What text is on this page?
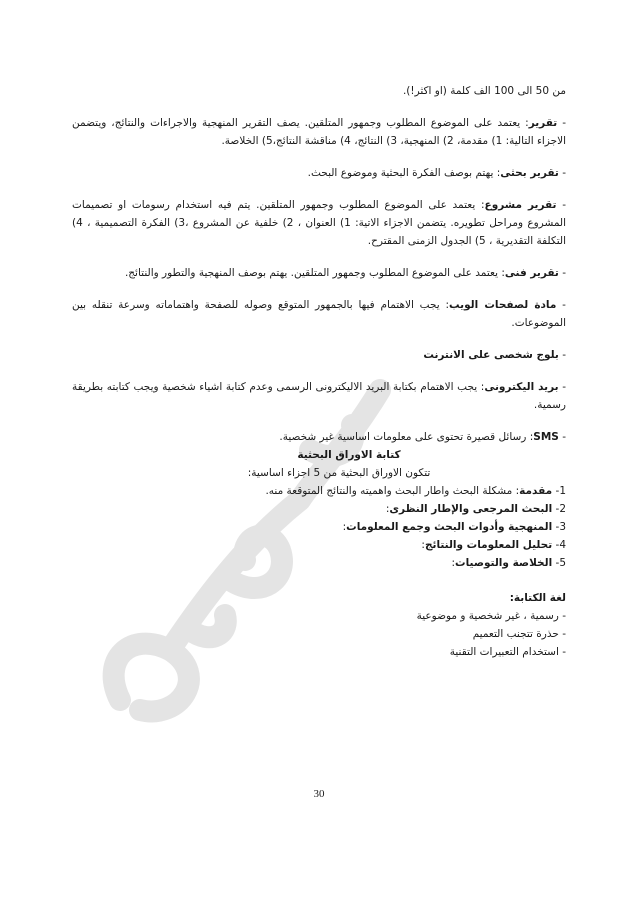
من 50 الى 100 الف كلمة (او اكثر!).

- تقرير: يعتمد على الموضوع المطلوب وجمهور المتلقين. يصف التقرير المنهجية والاجراءات والنتائج، ويتضمن الاجزاء التالية: 1) مقدمة، 2) المنهجية، 3) النتائج، 4) مناقشة النتائج،5) الخلاصة.

- تقرير بحثى: يهتم بوصف الفكرة البحثية وموضوع البحث.

- تقرير مشروع: يعتمد على الموضوع المطلوب وجمهور المتلقين. يتم فيه استخدام رسومات او تصميمات المشروع ومراحل تطويره. يتضمن الاجزاء الاتية: 1) العنوان ، 2) خلفية عن المشروع ،3) الفكرة التصميمية ، 4) التكلفة التقديرية ، 5) الجدول الزمنى المقترح.

- تقرير فنى: يعتمد على الموضوع المطلوب وجمهور المتلقين. يهتم بوصف المنهجية والتطور والنتائج.

- مادة لصفحات الويب: يجب الاهتمام فيها بالجمهور المتوقع وصوله للصفحة واهتماماته وسرعة تنقله بين الموضوعات.

- بلوج شخصى على الانترنت

- بريد اليكترونى: يجب الاهتمام بكتابة البريد الاليكترونى الرسمى وعدم كتابة اشياء شخصية ويجب كتابته بطريقة رسمية.

- SMS: رسائل قصيرة تحتوى على معلومات اساسية غير شخصية.

كتابة الاوراق البحثية

تتكون الاوراق البحثية من 5 اجزاء اساسية:

1- مقدمة: مشكلة البحث واطار البحث واهميته والنتائج المتوقعة منه.

2- البحث المرجعى والإطار النظرى:

3- المنهجية وأدوات البحث وجمع المعلومات:

4- تحليل المعلومات والنتائج:

5- الخلاصة والتوصيات:

لغة الكتابة:

- رسمية ، غير شخصية و موضوعية

- حذرة تتجنب التعميم

- استخدام التعبيرات التقنية

30
